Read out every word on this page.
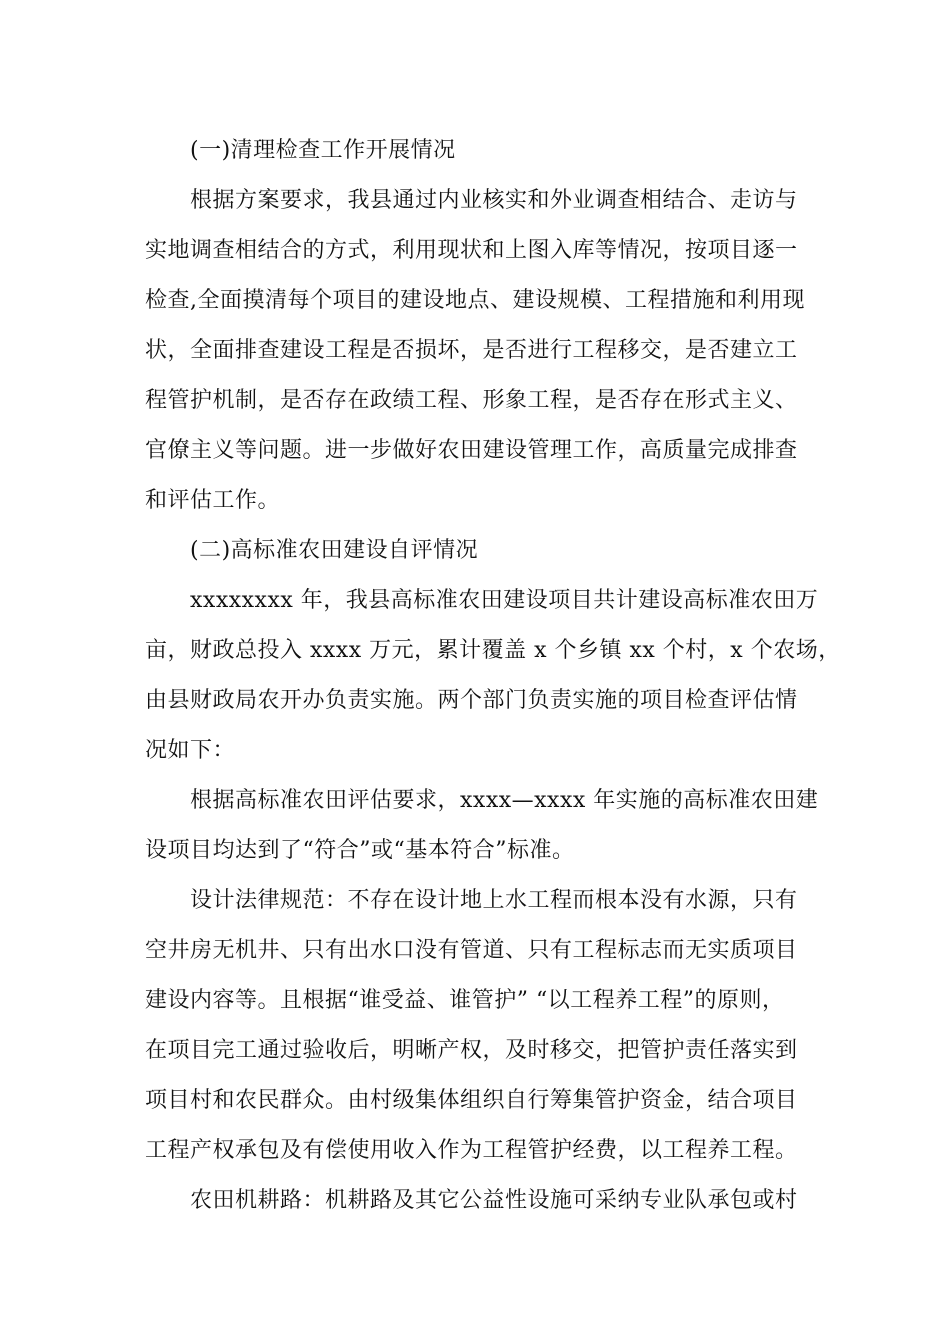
(一)清理检查工作开展情况
根据方案要求，我县通过内业核实和外业调查相结合、走访与
实地调查相结合的方式，利用现状和上图入库等情况，按项目逐一
检查,全面摸清每个项目的建设地点、建设规模、工程措施和利用现
状，全面排查建设工程是否损坏，是否进行工程移交，是否建立工
程管护机制，是否存在政绩工程、形象工程，是否存在形式主义、
官僚主义等问题。进一步做好农田建设管理工作，高质量完成排查
和评估工作。
(二)高标准农田建设自评情况
xxxxxxxx 年，我县高标准农田建设项目共计建设高标准农田万
亩，财政总投入 xxxx 万元，累计覆盖 x 个乡镇 xx 个村，x 个农场，
由县财政局农开办负责实施。两个部门负责实施的项目检查评估情
况如下：
根据高标准农田评估要求，xxxx—xxxx 年实施的高标准农田建
设项目均达到了“符合”或“基本符合”标准。
设计法律规范：不存在设计地上水工程而根本没有水源，只有
空井房无机井、只有出水口没有管道、只有工程标志而无实质项目
建设内容等。且根据“谁受益、谁管护” “以工程养工程”的原则，
在项目完工通过验收后，明晰产权，及时移交，把管护责任落实到
项目村和农民群众。由村级集体组织自行筹集管护资金，结合项目
工程产权承包及有偿使用收入作为工程管护经费，以工程养工程。
农田机耕路：机耕路及其它公益性设施可采纳专业队承包或村
